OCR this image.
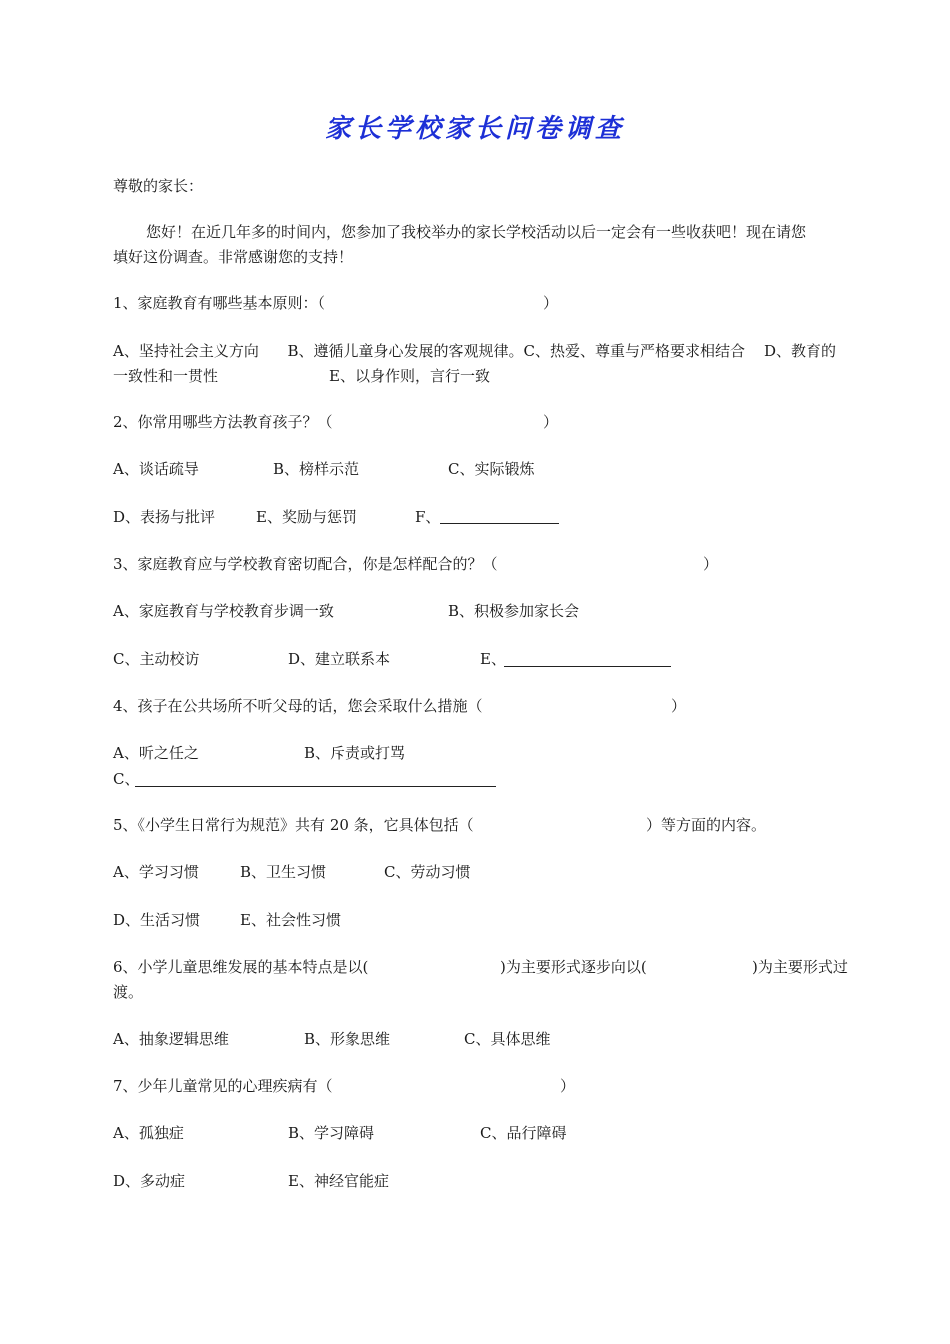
家长学校家长问卷调查
尊敬的家长：
您好！在近几年多的时间内，您参加了我校举办的家长学校活动以后一定会有一些收获吧！现在请您
填好这份调查。非常感谢您的支持！
1、家庭教育有哪些基本原则：（	）
A、坚持社会主义方向      B、遵循儿童身心发展的客观规律。C、热爱、尊重与严格要求相结合    D、教育的
一致性和一贯性	E、以身作则，言行一致
2、你常用哪些方法教育孩子？（	）
A、谈话疏导	B、榜样示范	C、实际锻炼
D、表扬与批评	E、奖励与惩罚	F、
3、家庭教育应与学校教育密切配合，你是怎样配合的？（	）
A、家庭教育与学校教育步调一致	B、积极参加家长会
C、主动校访	D、建立联系本	E、
4、孩子在公共场所不听父母的话，您会采取什么措施（	）
A、听之任之	B、斥责或打骂
C、
5、《小学生日常行为规范》共有 20 条，它具体包括（	）等方面的内容。
A、学习习惯	B、卫生习惯	C、劳动习惯
D、生活习惯	E、社会性习惯
6、小学儿童思维发展的基本特点是以(	)为主要形式逐步向以(	)为主要形式过
渡。
A、抽象逻辑思维	B、形象思维	C、具体思维
7、少年儿童常见的心理疾病有（	）
A、孤独症	B、学习障碍	C、品行障碍
D、多动症	E、神经官能症
